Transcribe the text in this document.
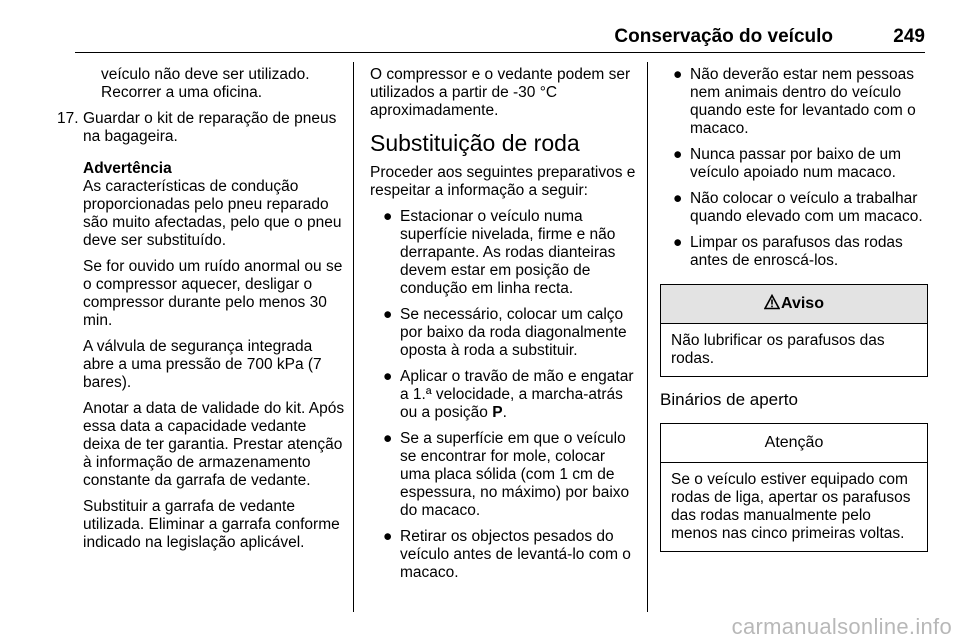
Conservação do veículo	249

veículo não deve ser utilizado. Recorrer a uma oficina.

17. Guardar o kit de reparação de pneus na bagageira.
Advertência

As características de condução proporcionadas pelo pneu reparado são muito afectadas, pelo que o pneu deve ser substituído.

Se for ouvido um ruído anormal ou se o compressor aquecer, desligar o compressor durante pelo menos 30 min.

A válvula de segurança integrada abre a uma pressão de 700 kPa (7 bares).

Anotar a data de validade do kit. Após essa data a capacidade vedante deixa de ter garantia. Prestar atenção à informação de armazenamento constante da garrafa de vedante.

Substituir a garrafa de vedante utilizada. Eliminar a garrafa conforme indicado na legislação aplicável.

O compressor e o vedante podem ser utilizados a partir de -30 °C aproximadamente.

Substituição de roda

Proceder aos seguintes preparativos e respeitar a informação a seguir:

● Estacionar o veículo numa superfície nivelada, firme e não derrapante. As rodas dianteiras devem estar em posição de condução em linha recta.
● Se necessário, colocar um calço por baixo da roda diagonalmente oposta à roda a substituir.
● Aplicar o travão de mão e engatar a 1.ª velocidade, a marcha-atrás ou a posição P.
● Se a superfície em que o veículo se encontrar for mole, colocar uma placa sólida (com 1 cm de espessura, no máximo) por baixo do macaco.
● Retirar os objectos pesados do veículo antes de levantá-lo com o macaco.
● Não deverão estar nem pessoas nem animais dentro do veículo quando este for levantado com o macaco.
● Nunca passar por baixo de um veículo apoiado num macaco.
● Não colocar o veículo a trabalhar quando elevado com um macaco.
● Limpar os parafusos das rodas antes de enroscá-los.
Aviso
Não lubrificar os parafusos das rodas.
Binários de aperto
Atenção
Se o veículo estiver equipado com rodas de liga, apertar os parafusos das rodas manualmente pelo menos nas cinco primeiras voltas.
carmanualsonline.info
